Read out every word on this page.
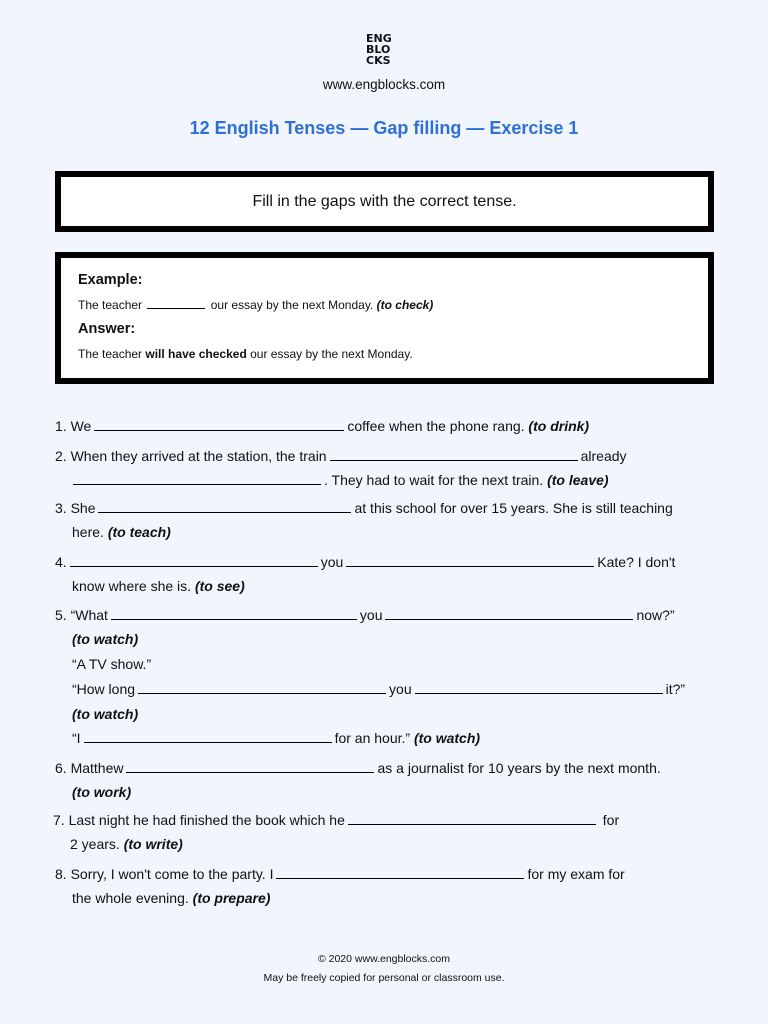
ENG
BLO
CKS
www.engblocks.com
12 English Tenses — Gap filling — Exercise 1
Fill in the gaps with the correct tense.
Example:
The teacher	our essay by the next Monday. (to check)
Answer:
The teacher will have checked our essay by the next Monday.
1. We	coffee when the phone rang. (to drink)
2. When they arrived at the station, the train	already
. They had to wait for the next train. (to leave)
3. She	at this school for over 15 years. She is still teaching
here. (to teach)
4.	you	Kate? I don't
know where she is. (to see)
5. “What	you	now?”
(to watch)
“A TV show.”
“How long	you	it?”
(to watch)
“I	for an hour.” (to watch)
6. Matthew	as a journalist for 10 years by the next month.
(to work)
7. Last night he had finished the book which he	for
2 years. (to write)
8. Sorry, I won't come to the party. I	for my exam for
the whole evening. (to prepare)
© 2020 www.engblocks.com
May be freely copied for personal or classroom use.
